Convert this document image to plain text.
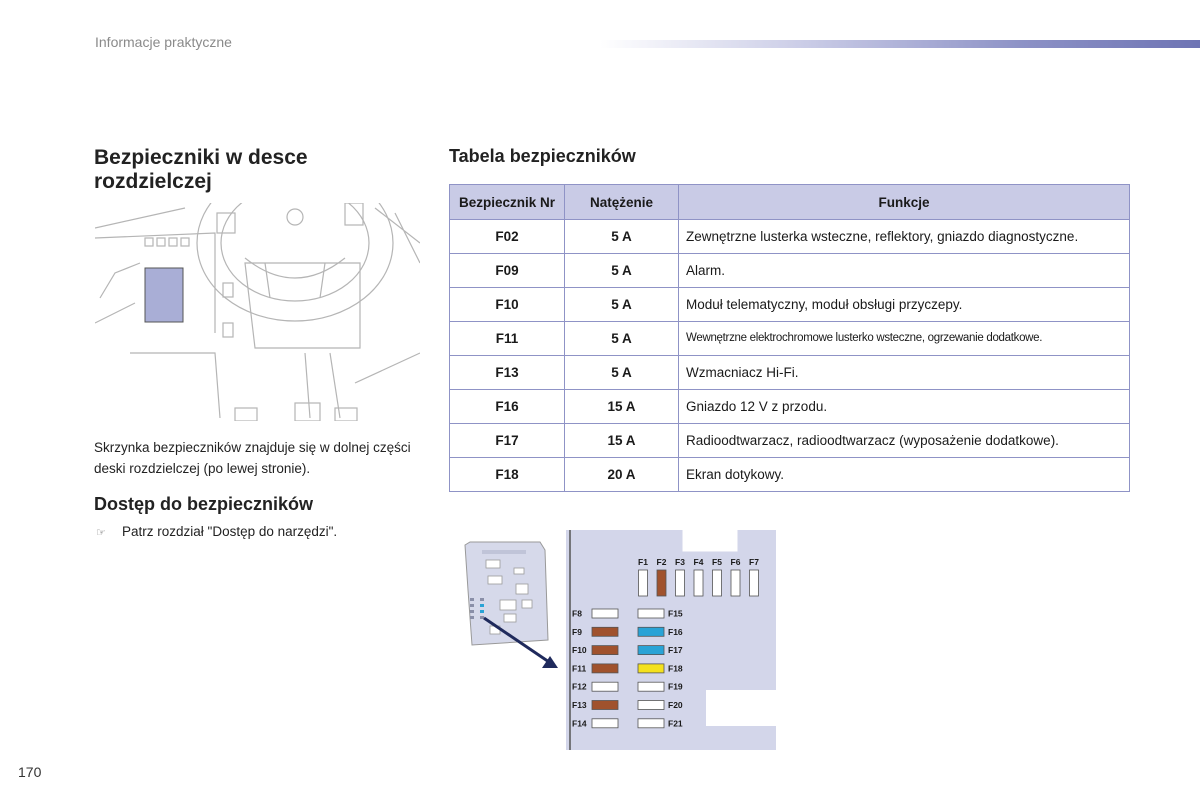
Informacje praktyczne
Bezpieczniki w desce rozdzielczej
Skrzynka bezpieczników znajduje się w dolnej części deski rozdzielczej (po lewej stronie).
Dostęp do bezpieczników
☞ Patrz rozdział "Dostęp do narzędzi".
Tabela bezpieczników
Bezpiecznik Nr	Natężenie	Funkcje
F02	5 A	Zewnętrzne lusterka wsteczne, reflektory, gniazdo diagnostyczne.
F09	5 A	Alarm.
F10	5 A	Moduł telematyczny, moduł obsługi przyczepy.
F11	5 A	Wewnętrzne elektrochromowe lusterko wsteczne, ogrzewanie dodatkowe.
F13	5 A	Wzmacniacz Hi-Fi.
F16	15 A	Gniazdo 12 V z przodu.
F17	15 A	Radioodtwarzacz, radioodtwarzacz (wyposażenie dodatkowe).
F18	20 A	Ekran dotykowy.
F1 F2 F3 F4 F5 F6 F7
F8
F9
F10
F11
F12
F13
F14
F15
F16
F17
F18
F19
F20
F21
170
